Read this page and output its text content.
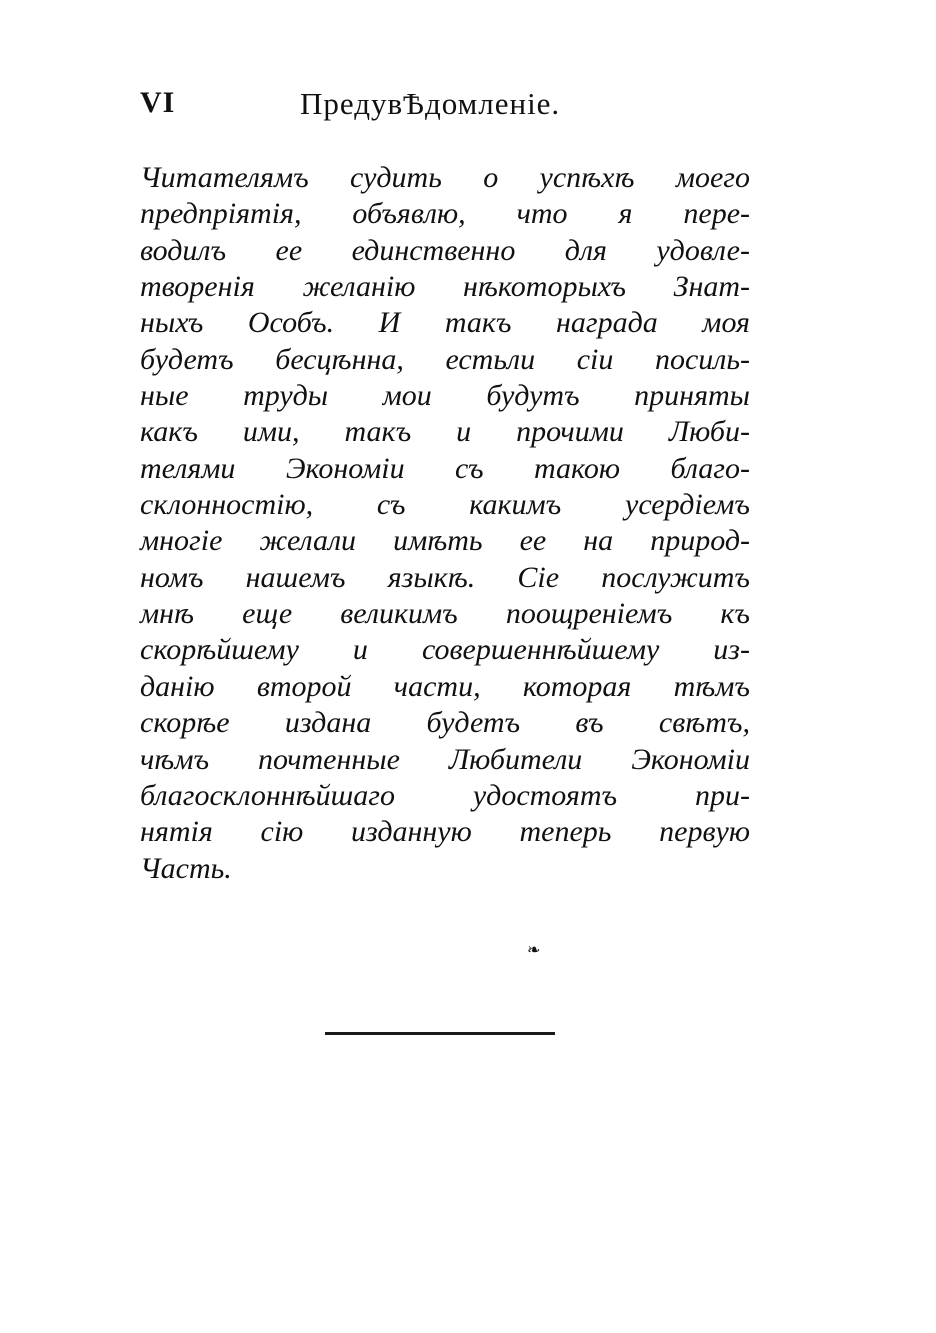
VI	ПредувѢдомленіе.
Читателямъ судить о успѣхѣ моего
предпріятія, объявлю, что я пере-
водилъ ее единственно для удовле-
творенія желанію нѣкоторыхъ Знат-
ныхъ Особъ. И такъ награда моя
будетъ бесцѣнна, естьли сіи посиль-
ные труды мои будутъ приняты
какъ ими, такъ и прочими Люби-
телями Экономіи съ такою благо-
склонностію, съ какимъ усердіемъ
многіе желали имѣть ее на природ-
номъ нашемъ языкѣ. Сіе послужитъ
мнѣ еще великимъ поощреніемъ къ
скорѣйшему и совершеннѣйшему из-
данію второй части, которая тѣмъ
скорѣе издана будетъ въ свѣтъ,
чѣмъ почтенные Любители Экономіи
благосклоннѣйшаго удостоятъ при-
нятія сію изданную теперь первую
Часть.
❧
